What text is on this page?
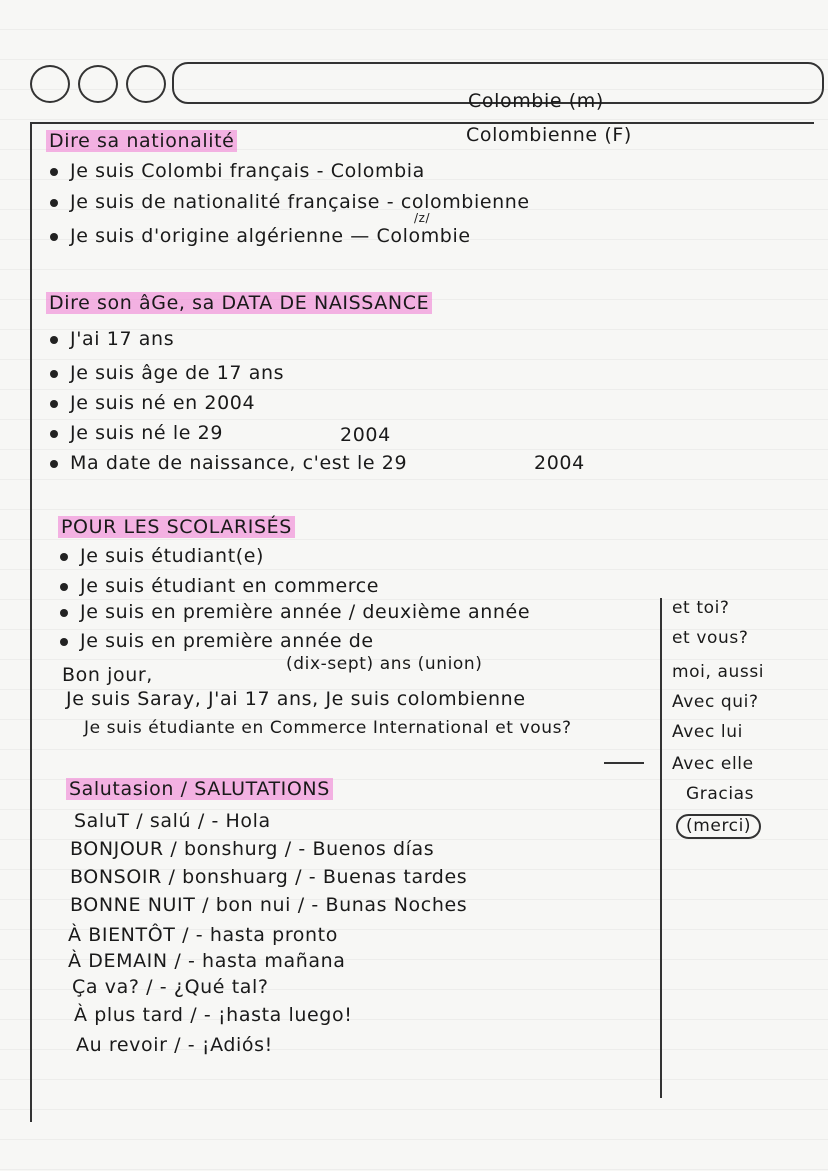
Colombie (m)
Colombienne (F)
Dire sa nationalité
Je suis Colombi français - Colombia
Je suis de nationalité française - colombienne
/z/
Je suis d'origine algérienne — Colombie
Dire son âGe, sa DATA DE NAISSANCE
J'ai 17 ans
Je suis âge de 17 ans
Je suis né en 2004
Je suis né le 29	2004
Ma date de naissance, c'est le 29	2004
POUR LES SCOLARISÉS
Je suis étudiant(e)
Je suis étudiant en commerce
Je suis en première année / deuxième année
Je suis en première année de
Bon jour,	(dix-sept) ans (union)
Je suis Saray, J'ai 17 ans, Je suis colombienne
Je suis étudiante en Commerce International et vous?
et toi?
et vous?
moi, aussi
Avec qui?
Avec lui
Avec elle
Gracias
(merci)
Salutasion / SALUTATIONS
SaluT / salú / - Hola
BONJOUR / bonshurg / - Buenos días
BONSOIR / bonshuarg / - Buenas tardes
BONNE NUIT / bon nui / - Bunas Noches
À BIENTÔT / - hasta pronto
À DEMAIN / - hasta mañana
Ça va? / - ¿Qué tal?
À plus tard / - ¡hasta luego!
Au revoir / - ¡Adiós!
